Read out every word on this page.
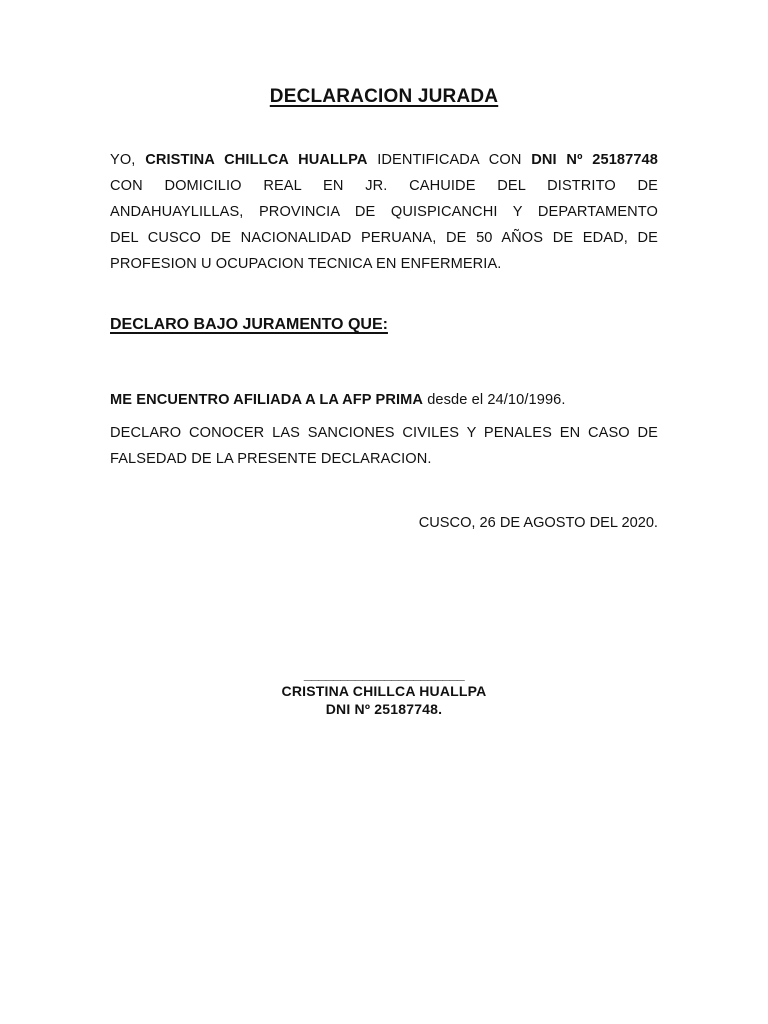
DECLARACION JURADA
YO, CRISTINA CHILLCA HUALLPA IDENTIFICADA CON DNI Nº 25187748
CON DOMICILIO REAL EN JR. CAHUIDE DEL DISTRITO DE
ANDAHUAYLILLAS, PROVINCIA DE QUISPICANCHI Y DEPARTAMENTO
DEL CUSCO DE NACIONALIDAD PERUANA, DE 50 AÑOS DE EDAD, DE
PROFESION U OCUPACION TECNICA EN ENFERMERIA.
DECLARO BAJO JURAMENTO QUE:
ME ENCUENTRO AFILIADA A LA AFP PRIMA desde el 24/10/1996.
DECLARO CONOCER LAS SANCIONES CIVILES Y PENALES EN CASO DE
FALSEDAD DE LA PRESENTE DECLARACION.
CUSCO, 26 DE AGOSTO DEL 2020.
______________________
CRISTINA CHILLCA HUALLPA
DNI Nº 25187748.
